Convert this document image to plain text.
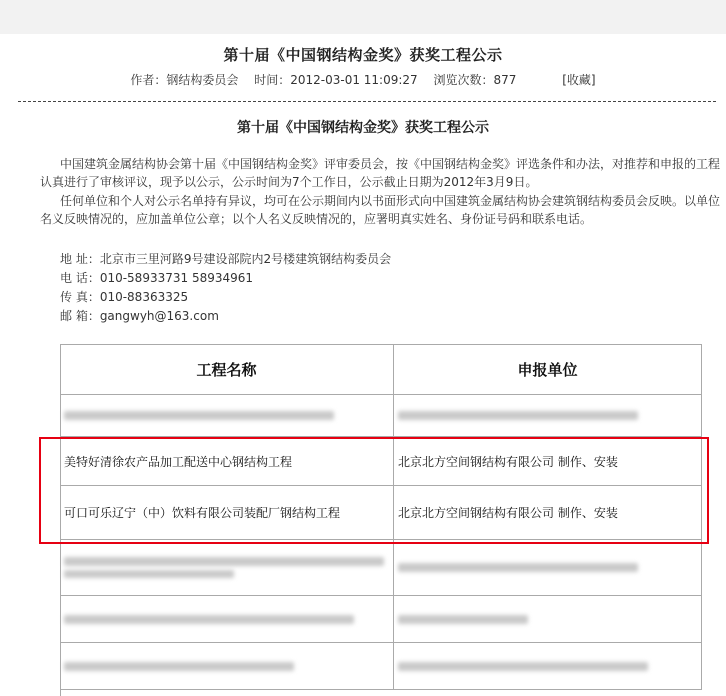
第十届《中国钢结构金奖》获奖工程公示
作者：钢结构委员会 时间：2012-03-01 11:09:27 浏览次数：877	[收藏]
第十届《中国钢结构金奖》获奖工程公示

中国建筑金属结构协会第十届《中国钢结构金奖》评审委员会，按《中国钢结构金奖》评选条件和办法，对推荐和申报的工程认真进行了审核评议，现予以公示，公示时间为7个工作日，公示截止日期为2012年3月9日。

任何单位和个人对公示名单持有异议，均可在公示期间内以书面形式向中国建筑金属结构协会建筑钢结构委员会反映。以单位名义反映情况的，应加盖单位公章；以个人名义反映情况的，应署明真实姓名、身份证号码和联系电话。

地 址：北京市三里河路9号建设部院内2号楼建筑钢结构委员会
电 话：010-58933731 58934961
传 真：010-88363325
邮 箱：gangwyh@163.com
工程名称	申报单位
美特好清徐农产品加工配送中心钢结构工程	北京北方空间钢结构有限公司 制作、安装
可口可乐辽宁（中）饮料有限公司装配厂钢结构工程	北京北方空间钢结构有限公司 制作、安装
